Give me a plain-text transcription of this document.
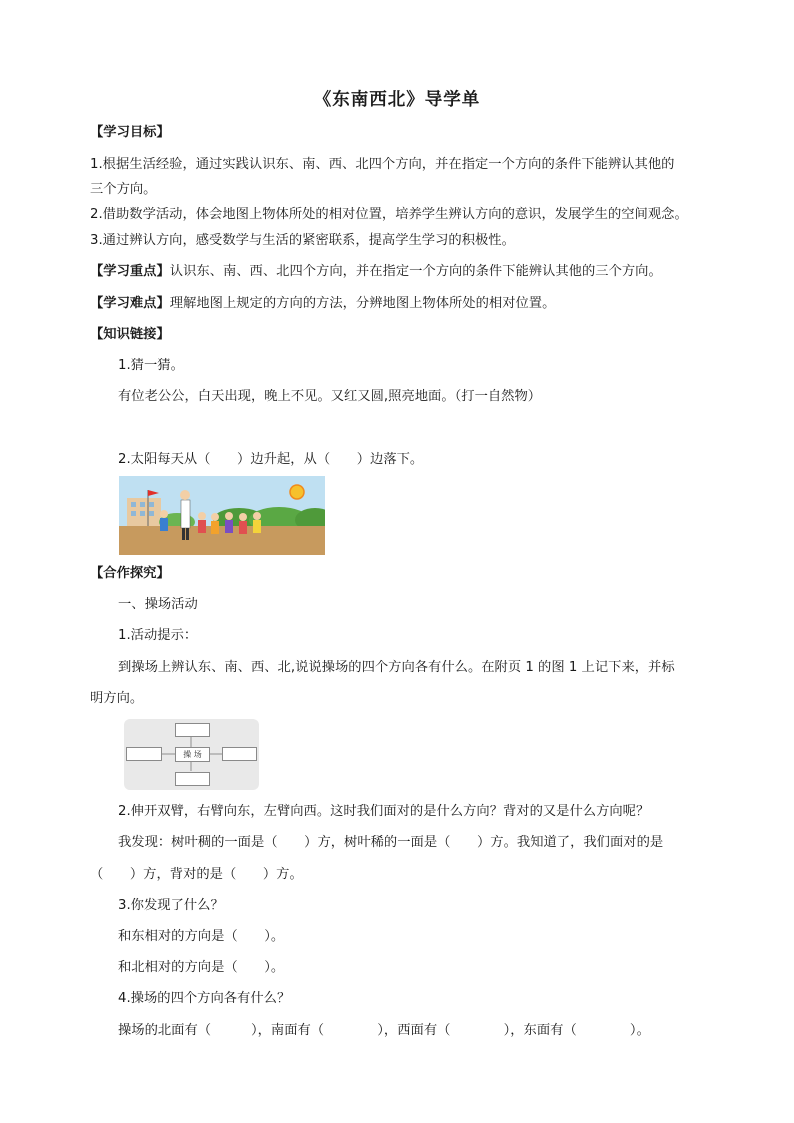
《东南西北》导学单
【学习目标】
1.根据生活经验，通过实践认识东、南、西、北四个方向，并在指定一个方向的条件下能辨认其他的
三个方向。
2.借助数学活动，体会地图上物体所处的相对位置，培养学生辨认方向的意识，发展学生的空间观念。
3.通过辨认方向，感受数学与生活的紧密联系，提高学生学习的积极性。
【学习重点】认识东、南、西、北四个方向，并在指定一个方向的条件下能辨认其他的三个方向。
【学习难点】理解地图上规定的方向的方法，分辨地图上物体所处的相对位置。
【知识链接】
1.猜一猜。
有位老公公，白天出现，晚上不见。又红又圆,照亮地面。（打一自然物）
2.太阳每天从（　　）边升起，从（　　）边落下。
【合作探究】
一、操场活动
1.活动提示：
到操场上辨认东、南、西、北,说说操场的四个方向各有什么。在附页 1 的图 1 上记下来，并标
明方向。
操 场
2.伸开双臂，右臂向东，左臂向西。这时我们面对的是什么方向？背对的又是什么方向呢？
我发现：树叶稠的一面是（　　）方，树叶稀的一面是（　　）方。我知道了，我们面对的是
（　　）方，背对的是（　　）方。
3.你发现了什么？
和东相对的方向是（　　）。
和北相对的方向是（　　）。
4.操场的四个方向各有什么？
操场的北面有（　　　），南面有（　　　　），西面有（　　　　），东面有（　　　　）。
